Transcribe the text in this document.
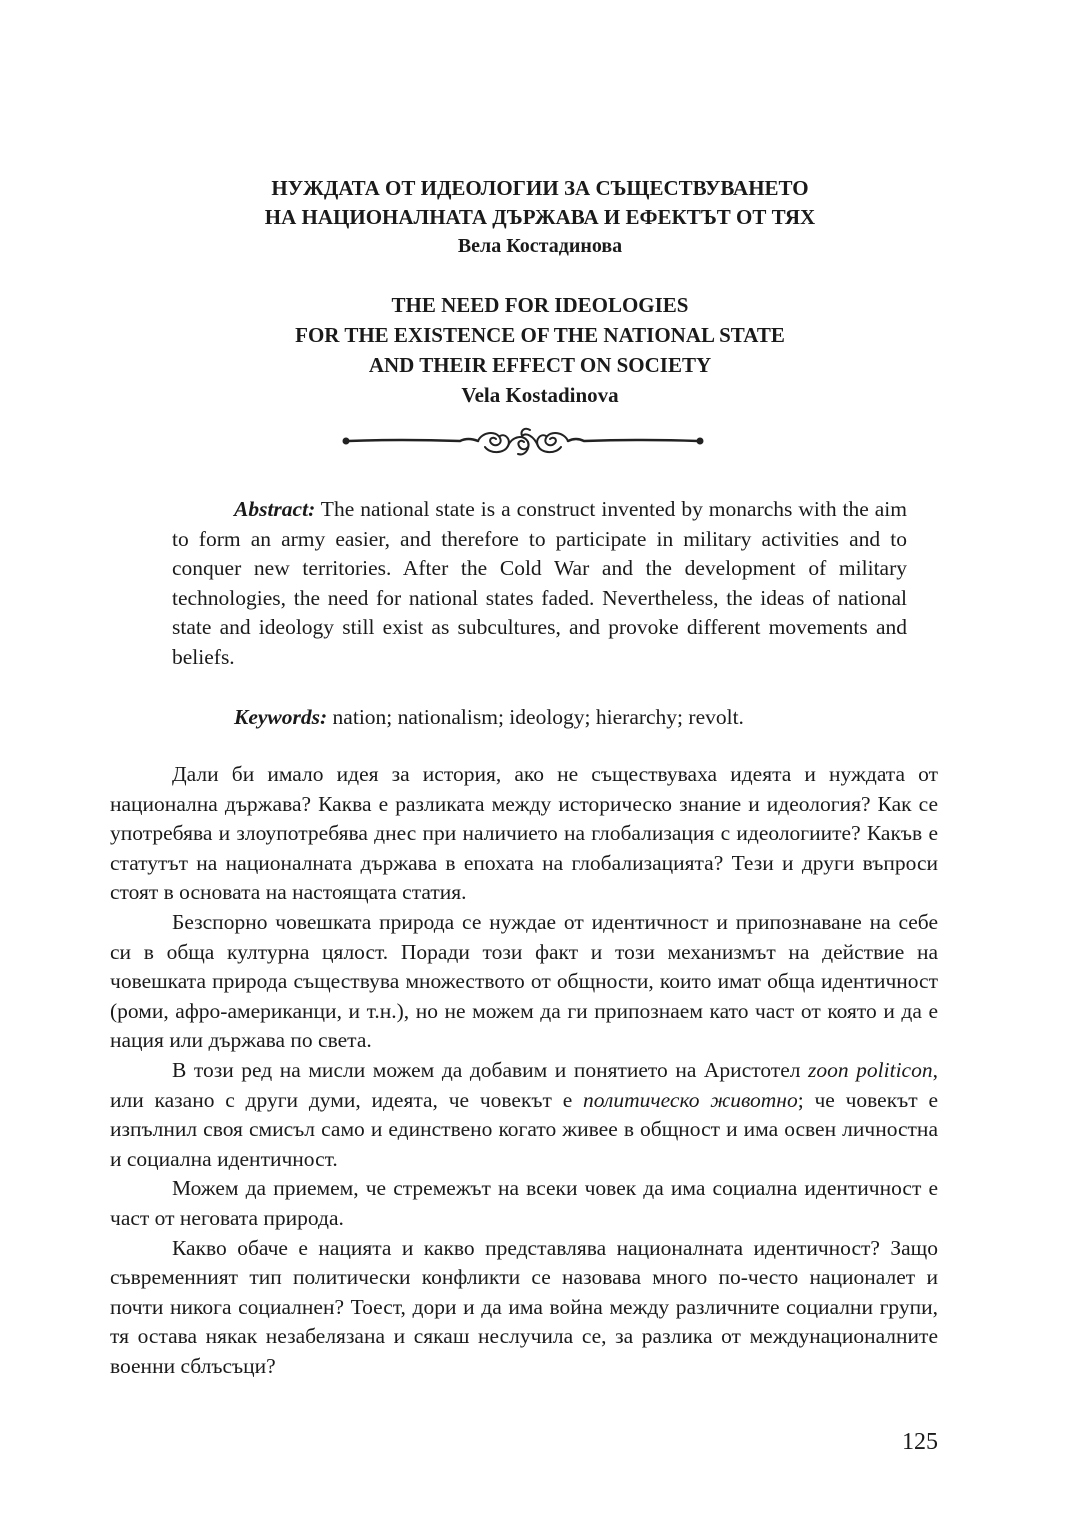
НУЖДАТА ОТ ИДЕОЛОГИИ ЗА СЪЩЕСТВУВАНЕТО
НА НАЦИОНАЛНАТА ДЪРЖАВА И ЕФЕКТЪТ ОТ ТЯХ
Вела Костадинова
THE NEED FOR IDEOLOGIES
FOR THE EXISTENCE OF THE NATIONAL STATE
AND THEIR EFFECT ON SOCIETY
Vela Kostadinova

Abstract: The national state is a construct invented by monarchs with the aim to form an army easier, and therefore to participate in military activities and to conquer new territories. After the Cold War and the development of military technologies, the need for national states faded. Nevertheless, the ideas of national state and ideology still exist as subcultures, and provoke different movements and beliefs.

Keywords: nation; nationalism; ideology; hierarchy; revolt.

Дали би имало идея за история, ако не съществуваха идеята и нуждата от национална държава? Каква е разликата между историческо знание и идеология? Как се употребява и злоупотребява днес при наличието на глобализация с идеологиите? Какъв е статутът на националната държава в епохата на глобализацията? Тези и други въпроси стоят в основата на настоящата статия.

Безспорно човешката природа се нуждае от идентичност и припознаване на себе си в обща културна цялост. Поради този факт и този механизмът на действие на човешката природа съществува множеството от общности, които имат обща идентичност (роми, афро-американци, и т.н.), но не можем да ги припознаем като част от която и да е нация или държава по света.

В този ред на мисли можем да добавим и понятието на Аристотел zoon politicon, или казано с други думи, идеята, че човекът е политическо животно; че човекът е изпълнил своя смисъл само и единствено когато живее в общност и има освен личностна и социална идентичност.

Можем да приемем, че стремежът на всеки човек да има социална идентичност е част от неговата природа.

Какво обаче е нацията и какво представлява националната идентичност? Защо съвременният тип политически конфликти се назовава много по-често националет и почти никога социалнен? Тоест, дори и да има война между различните социални групи, тя остава някак незабелязана и сякаш неслучила се, за разлика от междунационалните военни сблъсъци?

125
